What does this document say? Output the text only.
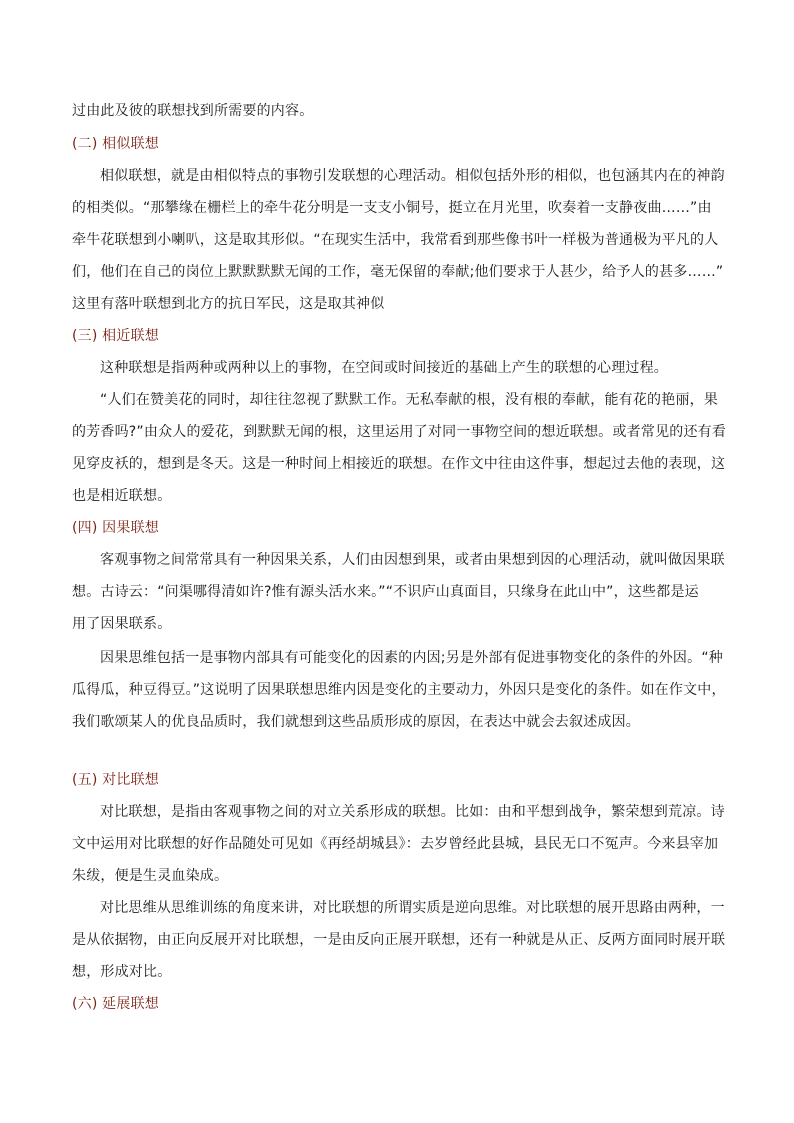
过由此及彼的联想找到所需要的内容。
(二) 相似联想
相似联想，就是由相似特点的事物引发联想的心理活动。相似包括外形的相似，也包涵其内在的神韵
的相类似。“那攀缘在栅栏上的牵牛花分明是一支支小铜号，挺立在月光里，吹奏着一支静夜曲……”由
牵牛花联想到小喇叭，这是取其形似。“在现实生活中，我常看到那些像书叶一样极为普通极为平凡的人
们，他们在自己的岗位上默默默默无闻的工作，毫无保留的奉献;他们要求于人甚少，给予人的甚多……”
这里有落叶联想到北方的抗日军民，这是取其神似
(三) 相近联想
这种联想是指两种或两种以上的事物，在空间或时间接近的基础上产生的联想的心理过程。
“人们在赞美花的同时，却往往忽视了默默工作。无私奉献的根，没有根的奉献，能有花的艳丽，果
的芳香吗?”由众人的爱花，到默默无闻的根，这里运用了对同一事物空间的想近联想。或者常见的还有看
见穿皮袄的，想到是冬天。这是一种时间上相接近的联想。在作文中往由这件事，想起过去他的表现，这
也是相近联想。
(四) 因果联想
客观事物之间常常具有一种因果关系，人们由因想到果，或者由果想到因的心理活动，就叫做因果联
想。古诗云：“问渠哪得清如许?惟有源头活水来。”“不识庐山真面目，只缘身在此山中”，这些都是运
用了因果联系。
因果思维包括一是事物内部具有可能变化的因素的内因;另是外部有促进事物变化的条件的外因。“种
瓜得瓜，种豆得豆。”这说明了因果联想思维内因是变化的主要动力，外因只是变化的条件。如在作文中，
我们歌颂某人的优良品质时，我们就想到这些品质形成的原因，在表达中就会去叙述成因。
(五) 对比联想
对比联想，是指由客观事物之间的对立关系形成的联想。比如：由和平想到战争，繁荣想到荒凉。诗
文中运用对比联想的好作品随处可见如《再经胡城县》：去岁曾经此县城，县民无口不冤声。今来县宰加
朱绂，便是生灵血染成。
对比思维从思维训练的角度来讲，对比联想的所谓实质是逆向思维。对比联想的展开思路由两种，一
是从依据物，由正向反展开对比联想，一是由反向正展开联想，还有一种就是从正、反两方面同时展开联
想，形成对比。
(六) 延展联想
